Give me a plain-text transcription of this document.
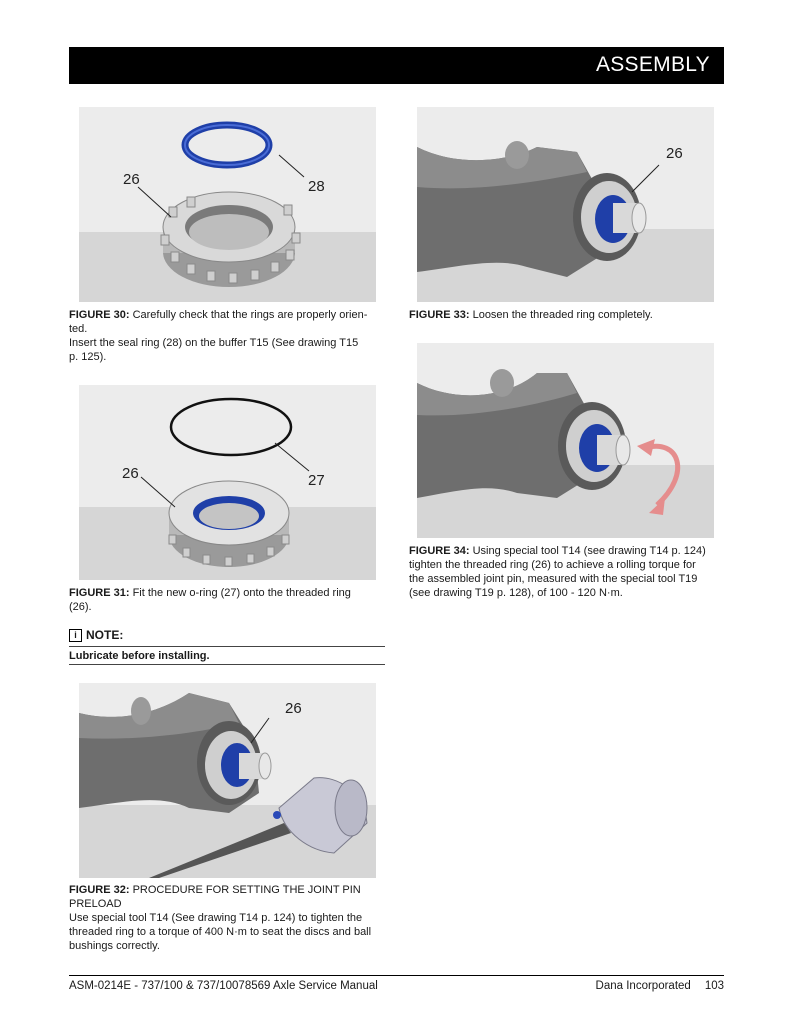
ASSEMBLY
26	28
FIGURE 30: Carefully check that the rings are properly orien-
ted.
Insert the seal ring (28) on the buffer T15 (See drawing T15
p. 125).
26	27
FIGURE 31: Fit the new o-ring (27) onto the threaded ring
(26).
i NOTE:
Lubricate before installing.
26
FIGURE 32: PROCEDURE FOR SETTING THE JOINT PIN
PRELOAD
Use special tool T14 (See drawing T14 p. 124) to tighten the
threaded ring to a torque of 400 N·m to seat the discs and ball
bushings correctly.
26
FIGURE 33: Loosen the threaded ring completely.
FIGURE 34: Using special tool T14 (see drawing T14 p. 124)
tighten the threaded ring (26) to achieve a rolling torque for
the assembled joint pin, measured with the special tool T19
(see drawing T19 p. 128), of 100 - 120 N·m.
ASM-0214E - 737/100 & 737/10078569 Axle Service Manual	Dana Incorporated 103
